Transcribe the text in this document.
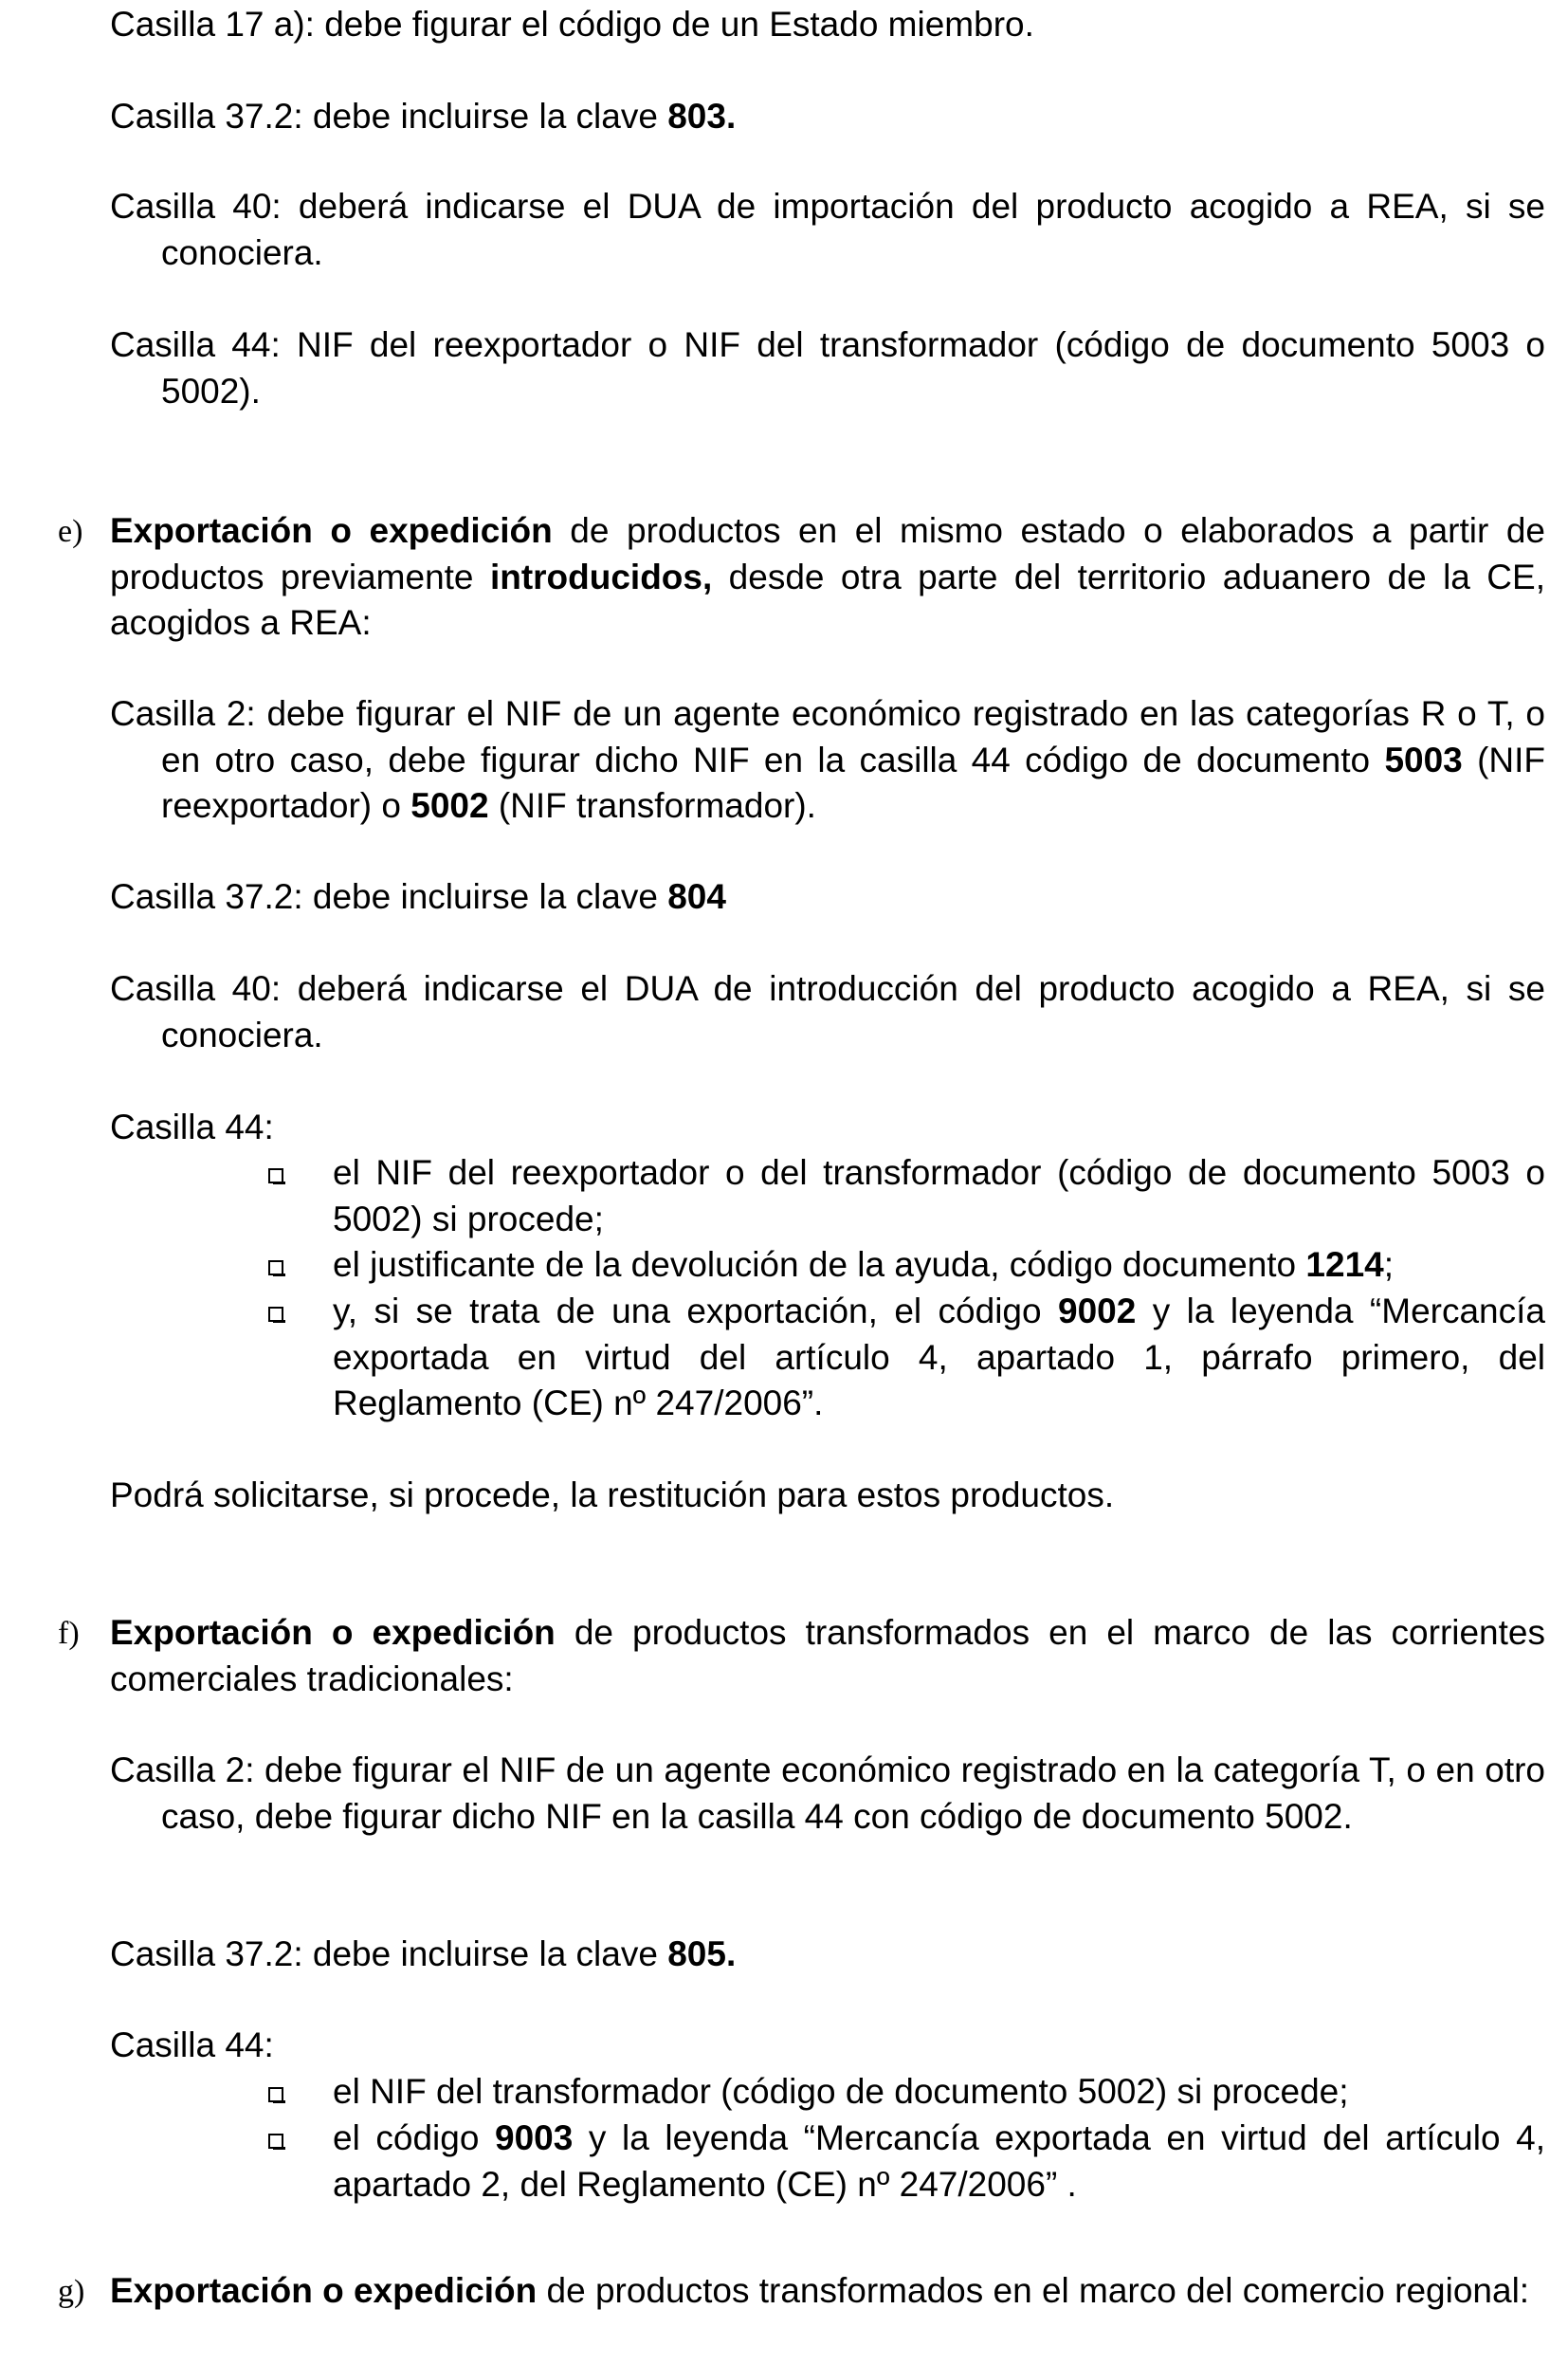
Casilla 17 a): debe figurar el código de un Estado miembro.
Casilla 37.2: debe incluirse la clave 803.
Casilla 40: deberá indicarse el DUA de importación del producto acogido a REA, si se conociera.
Casilla 44: NIF del reexportador o NIF del transformador (código de documento 5003 o 5002).
e) Exportación o expedición de productos en el mismo estado o elaborados a partir de productos previamente introducidos, desde otra parte del territorio aduanero de la CE, acogidos a REA:
Casilla 2: debe figurar el NIF de un agente económico registrado en las categorías R o T, o en otro caso, debe figurar dicho NIF en la casilla 44 código de documento 5003 (NIF reexportador) o 5002 (NIF transformador).
Casilla 37.2: debe incluirse la clave 804
Casilla 40: deberá indicarse el DUA de introducción del producto acogido a REA, si se conociera.
Casilla 44:
el NIF del reexportador o del transformador (código de documento 5003 o 5002) si procede;
el justificante de la devolución de la ayuda, código documento 1214;
y, si se trata de una exportación, el código 9002 y la leyenda “Mercancía exportada en virtud del artículo 4, apartado 1, párrafo primero, del Reglamento (CE) nº 247/2006”.
Podrá solicitarse, si procede, la restitución para estos productos.
f) Exportación o expedición de productos transformados en el marco de las corrientes comerciales tradicionales:
Casilla 2: debe figurar el NIF de un agente económico registrado en la categoría T, o en otro caso, debe figurar dicho NIF en la casilla 44 con código de documento 5002.
Casilla 37.2: debe incluirse la clave 805.
Casilla 44:
el NIF del transformador (código de documento 5002) si procede;
el código 9003 y la leyenda “Mercancía exportada en virtud del artículo 4, apartado 2, del Reglamento (CE) nº 247/2006” .
g) Exportación o expedición de productos transformados en el marco del comercio regional:
